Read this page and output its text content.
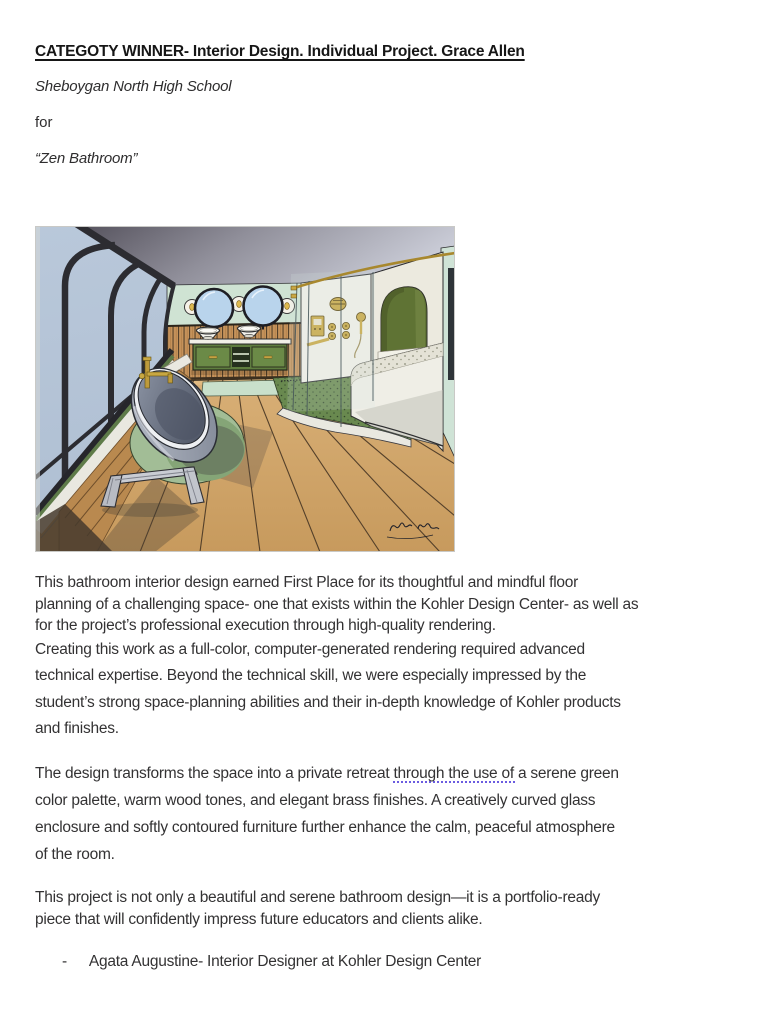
CATEGOTY WINNER- Interior Design. Individual Project. Grace Allen
Sheboygan North High School
for
“Zen Bathroom”
This bathroom interior design earned First Place for its thoughtful and mindful floor
planning of a challenging space- one that exists within the Kohler Design Center- as well as
for the project’s professional execution through high-quality rendering.
Creating this work as a full-color, computer-generated rendering required advanced
technical expertise. Beyond the technical skill, we were especially impressed by the
student’s strong space-planning abilities and their in-depth knowledge of Kohler products
and finishes.
The design transforms the space into a private retreat through the use of a serene green
color palette, warm wood tones, and elegant brass finishes. A creatively curved glass
enclosure and softly contoured furniture further enhance the calm, peaceful atmosphere
of the room.
This project is not only a beautiful and serene bathroom design—it is a portfolio-ready
piece that will confidently impress future educators and clients alike.
- Agata Augustine- Interior Designer at Kohler Design Center
